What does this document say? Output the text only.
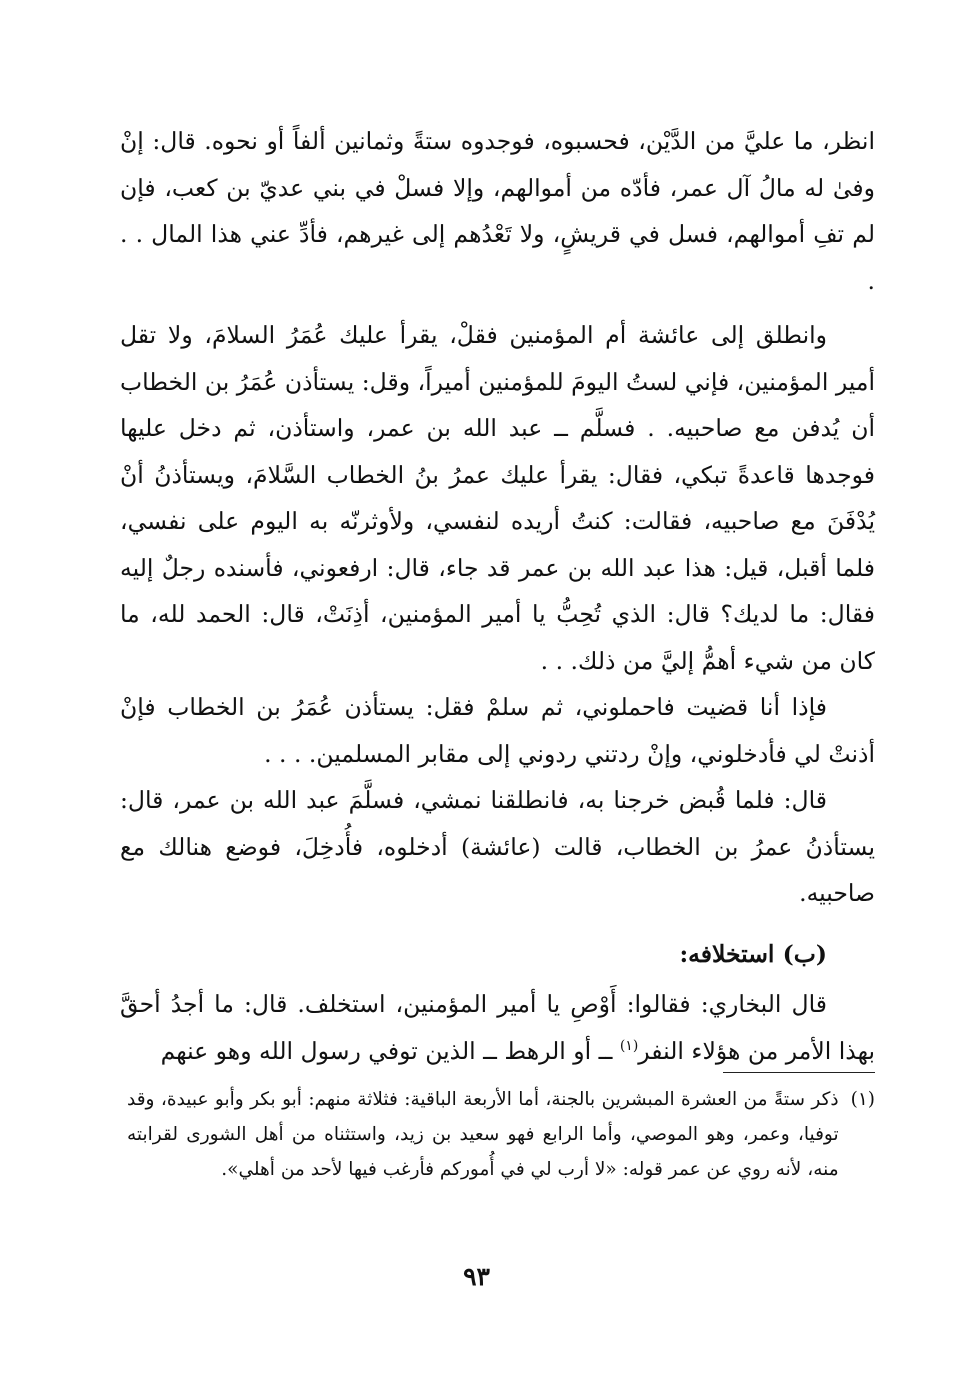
انظر، ما عليَّ من الدَّيْن، فحسبوه، فوجدوه ستةً وثمانين ألفاً أو نحوه. قال: إنْ وفىٰ له مالُ آل عمر، فأدّه من أموالهم، وإلا فسلْ في بني عديّ بن كعب، فإن لم تفِ أموالهم، فسل في قريشٍ، ولا تَعْدُهم إلى غيرهم، فأدِّ عني هذا المال . . .

وانطلق إلى عائشة أم المؤمنين فقلْ، يقرأ عليك عُمَرُ السلامَ، ولا تقل أمير المؤمنين، فإني لستُ اليومَ للمؤمنين أميراً، وقل: يستأذن عُمَرُ بن الخطاب أن يُدفن مع صاحبيه. . فسلَّم ــ عبد الله بن عمر، واستأذن، ثم دخل عليها فوجدها قاعدةً تبكي، فقال: يقرأ عليك عمرُ بنُ الخطاب السَّلامَ، ويستأذنُ أنْ يُدْفَنَ مع صاحبيه، فقالت: كنتُ أريده لنفسي، ولأوثرنّه به اليوم على نفسي، فلما أقبل، قيل: هذا عبد الله بن عمر قد جاء، قال: ارفعوني، فأسنده رجلٌ إليه فقال: ما لديك؟ قال: الذي تُحِبُّ يا أمير المؤمنين، أذِنَتْ، قال: الحمد لله، ما كان من شيء أهمُّ إليَّ من ذلك. . .

فإذا أنا قضيت فاحملوني، ثم سلمْ فقل: يستأذن عُمَرُ بن الخطاب فإنْ أذنتْ لي فأدخلوني، وإنْ ردتني ردوني إلى مقابر المسلمين. . . .

قال: فلما قُبض خرجنا به، فانطلقنا نمشي، فسلَّمَ عبد الله بن عمر، قال: يستأذنُ عمرُ بن الخطاب، قالت (عائشة) أدخلوه، فأُدخِلَ، فوضع هنالك مع صاحبيه.

(ب) استخلافه:

قال البخاري: فقالوا: أَوْصِ يا أمير المؤمنين، استخلف. قال: ما أجدُ أحقَّ بهذا الأمر من هؤلاء النفر$^{(١)}$ ــ أو الرهط ــ الذين توفي رسول الله وهو عنهم

(١)
ذكر ستةً من العشرة المبشرين بالجنة، أما الأربعة الباقية: فثلاثة منهم: أبو بكر وأبو عبيدة، وقد توفيا، وعمر، وهو الموصي، وأما الرابع فهو سعيد بن زيد، واستثناه من أهل الشورى لقرابته منه، لأنه روي عن عمر قوله: «لا أرب لي في أُموركم فأرغب فيها لأحد من أهلي».
٩٣
